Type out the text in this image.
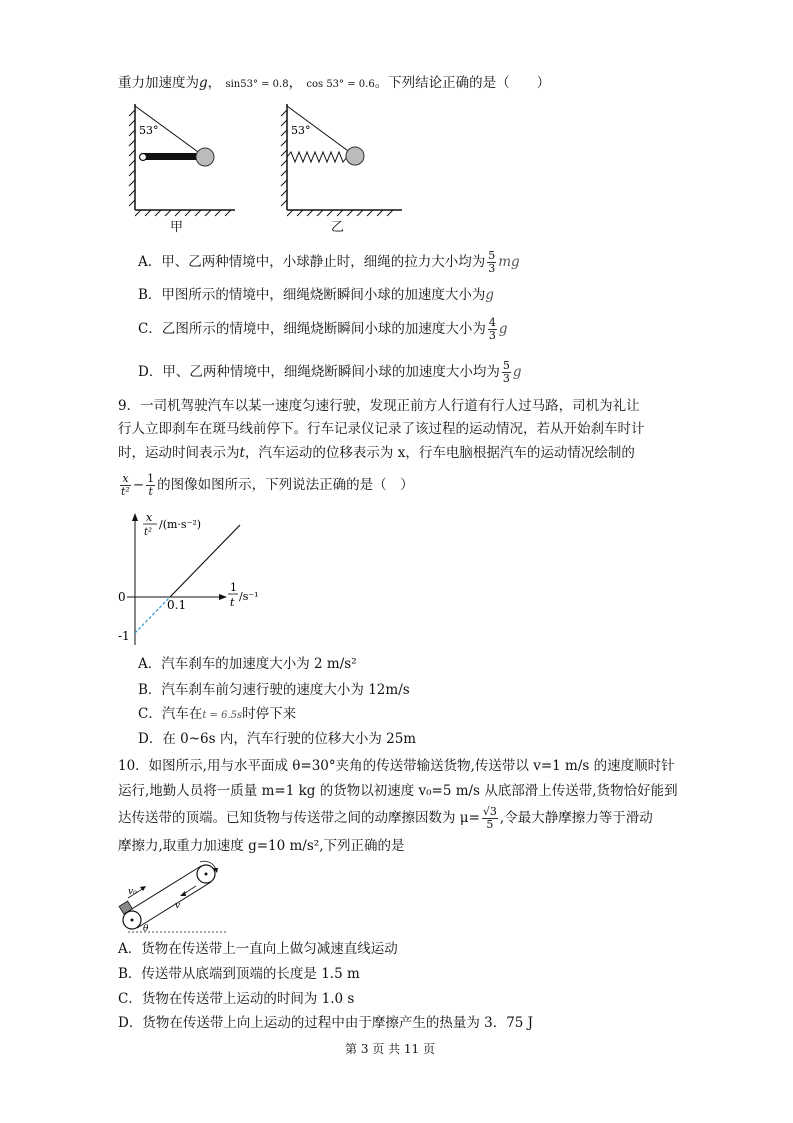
重力加速度为g， sin53° = 0.8， cos 53° = 0.6。下列结论正确的是（　　）
53°
甲
53°
乙
A．甲、乙两种情境中，小球静止时，细绳的拉力大小均为 $\frac{5}{3}$ mg
B．甲图所示的情境中，细绳烧断瞬间小球的加速度大小为g
C．乙图所示的情境中，细绳烧断瞬间小球的加速度大小为 $\frac{4}{3}$ g
D．甲、乙两种情境中，细绳烧断瞬间小球的加速度大小均为 $\frac{5}{3}$ g
9．一司机驾驶汽车以某一速度匀速行驶，发现正前方人行道有行人过马路，司机为礼让
行人立即刹车在斑马线前停下。行车记录仪记录了该过程的运动情况，若从开始刹车时计
时，运动时间表示为t，汽车运动的位移表示为 x，行车电脑根据汽车的运动情况绘制的
$\frac{x}{\text{t²}} - \frac{1}{t}$ 的图像如图所示，下列说法正确的是（　）
0
0.1
-1
x
t²
/(m·s⁻²)
1
t /s⁻¹
A．汽车刹车的加速度大小为 2 m/s²
B．汽车刹车前匀速行驶的速度大小为 12m/s
C．汽车在t = 6.5s时停下来
D．在 0~6s 内，汽车行驶的位移大小为 25m
10．如图所示,用与水平面成 θ=30°夹角的传送带输送货物,传送带以 v=1 m/s 的速度顺时针
运行,地勤人员将一质量 m=1 kg 的货物以初速度 v₀=5 m/s 从底部滑上传送带,货物恰好能到
达传送带的顶端。已知货物与传送带之间的动摩擦因数为 $\mu= \frac{√3}{5}$ ,令最大静摩擦力等于滑动
摩擦力,取重力加速度 g=10 m/s²,下列正确的是
v₀
v
θ
A．货物在传送带上一直向上做匀减速直线运动
B．传送带从底端到顶端的长度是 1.5 m
C．货物在传送带上运动的时间为 1.0 s
D．货物在传送带上向上运动的过程中由于摩擦产生的热量为 3．75 J
第 3 页 共 11 页
